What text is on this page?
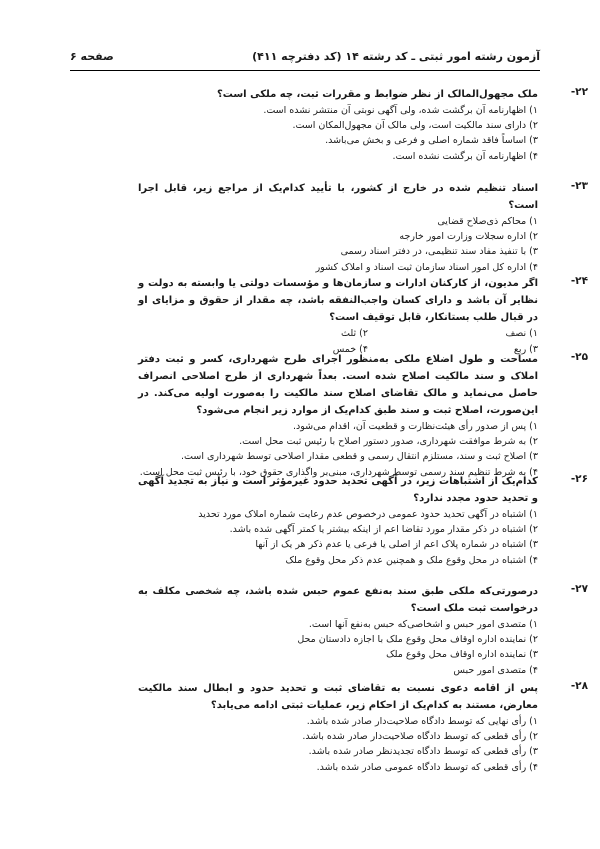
آزمون رشته امور ثبتی ـ کد رشته ۱۴ (کد دفترچه ۴۱۱)
صفحه ۶
۲۲-
ملک مجهول‌المالک از نظر ضوابط و مقررات ثبت، چه ملکی است؟
۱) اظهارنامه آن برگشت شده، ولی آگهی نوبتی آن منتشر نشده است.
۲) دارای سند مالکیت است، ولی مالک آن مجهول‌المکان است.
۳) اساساً فاقد شماره اصلی و فرعی و بخش می‌باشد.
۴) اظهارنامه آن برگشت نشده است.
۲۳-
اسناد تنظیم شده در خارج از کشور، با تأیید کدام‌یک از مراجع زیر، قابل اجرا است؟
۱) محاکم ذی‌صلاح قضایی
۲) اداره سجلات وزارت امور خارجه
۳) با تنفیذ مفاد سند تنظیمی، در دفتر اسناد رسمی
۴) اداره کل امور اسناد سازمان ثبت اسناد و املاک کشور
۲۴-
اگر مدیون، از کارکنان ادارات و سازمان‌ها و مؤسسات دولتی یا وابسته به دولت و نظایر آن باشد و دارای کسان واجب‌النفقه باشد، چه مقدار از حقوق و مزایای او در قبال طلب بستانکار، قابل توقیف است؟
۱) نصف
۲) ثلث
۳) ربع
۴) خمس
۲۵-
مساحت و طول اضلاع ملکی به‌منظور اجرای طرح شهرداری، کسر و ثبت دفتر املاک و سند مالکیت اصلاح شده است. بعداً شهرداری از طرح اصلاحی انصراف حاصل می‌نماید و مالک تقاضای اصلاح سند مالکیت را به‌صورت اولیه می‌کند. در این‌صورت، اصلاح ثبت و سند طبق کدام‌یک از موارد زیر انجام می‌شود؟
۱) پس از صدور رأی هیئت‌نظارت و قطعیت آن، اقدام می‌شود.
۲) به شرط موافقت شهرداری، صدور دستور اصلاح با رئیس ثبت محل است.
۳) اصلاح ثبت و سند، مستلزم انتقال رسمی و قطعی مقدار اصلاحی توسط شهرداری است.
۴) به شرط تنظیم سند رسمی توسط شهرداری، مبنی‌بر واگذاری حقوق خود، با رئیس ثبت محل است.
۲۶-
کدام‌یک از اشتباهات زیر، در آگهی تحدید حدود غیرمؤثر است و نیاز به تجدید آگهی و تحدید حدود مجدد ندارد؟
۱) اشتباه در آگهی تحدید حدود عمومی درخصوص عدم رعایت شماره املاک مورد تحدید
۲) اشتباه در ذکر مقدار مورد تقاضا اعم از اینکه بیشتر یا کمتر آگهی شده باشد.
۳) اشتباه در شماره پلاک اعم از اصلی یا فرعی یا عدم ذکر هر یک از آنها
۴) اشتباه در محل وقوع ملک و همچنین عدم ذکر محل وقوع ملک
۲۷-
درصورتی‌که ملکی طبق سند به‌نفع عموم حبس شده باشد، چه شخصی مکلف به درخواست ثبت ملک است؟
۱) متصدی امور حبس و اشخاصی‌که حبس به‌نفع آنها است.
۲) نماینده اداره اوقاف محل وقوع ملک با اجازه دادستان محل
۳) نماینده اداره اوقاف محل وقوع ملک
۴) متصدی امور حبس
۲۸-
پس از اقامه دعوی نسبت به تقاضای ثبت و تحدید حدود و ابطال سند مالکیت معارض، مستند به کدام‌یک از احکام زیر، عملیات ثبتی ادامه می‌یابد؟
۱) رأی نهایی که توسط دادگاه صلاحیت‌دار صادر شده باشد.
۲) رأی قطعی که توسط دادگاه صلاحیت‌دار صادر شده باشد.
۳) رأی قطعی که توسط دادگاه تجدیدنظر صادر شده باشد.
۴) رأی قطعی که توسط دادگاه عمومی صادر شده باشد.
